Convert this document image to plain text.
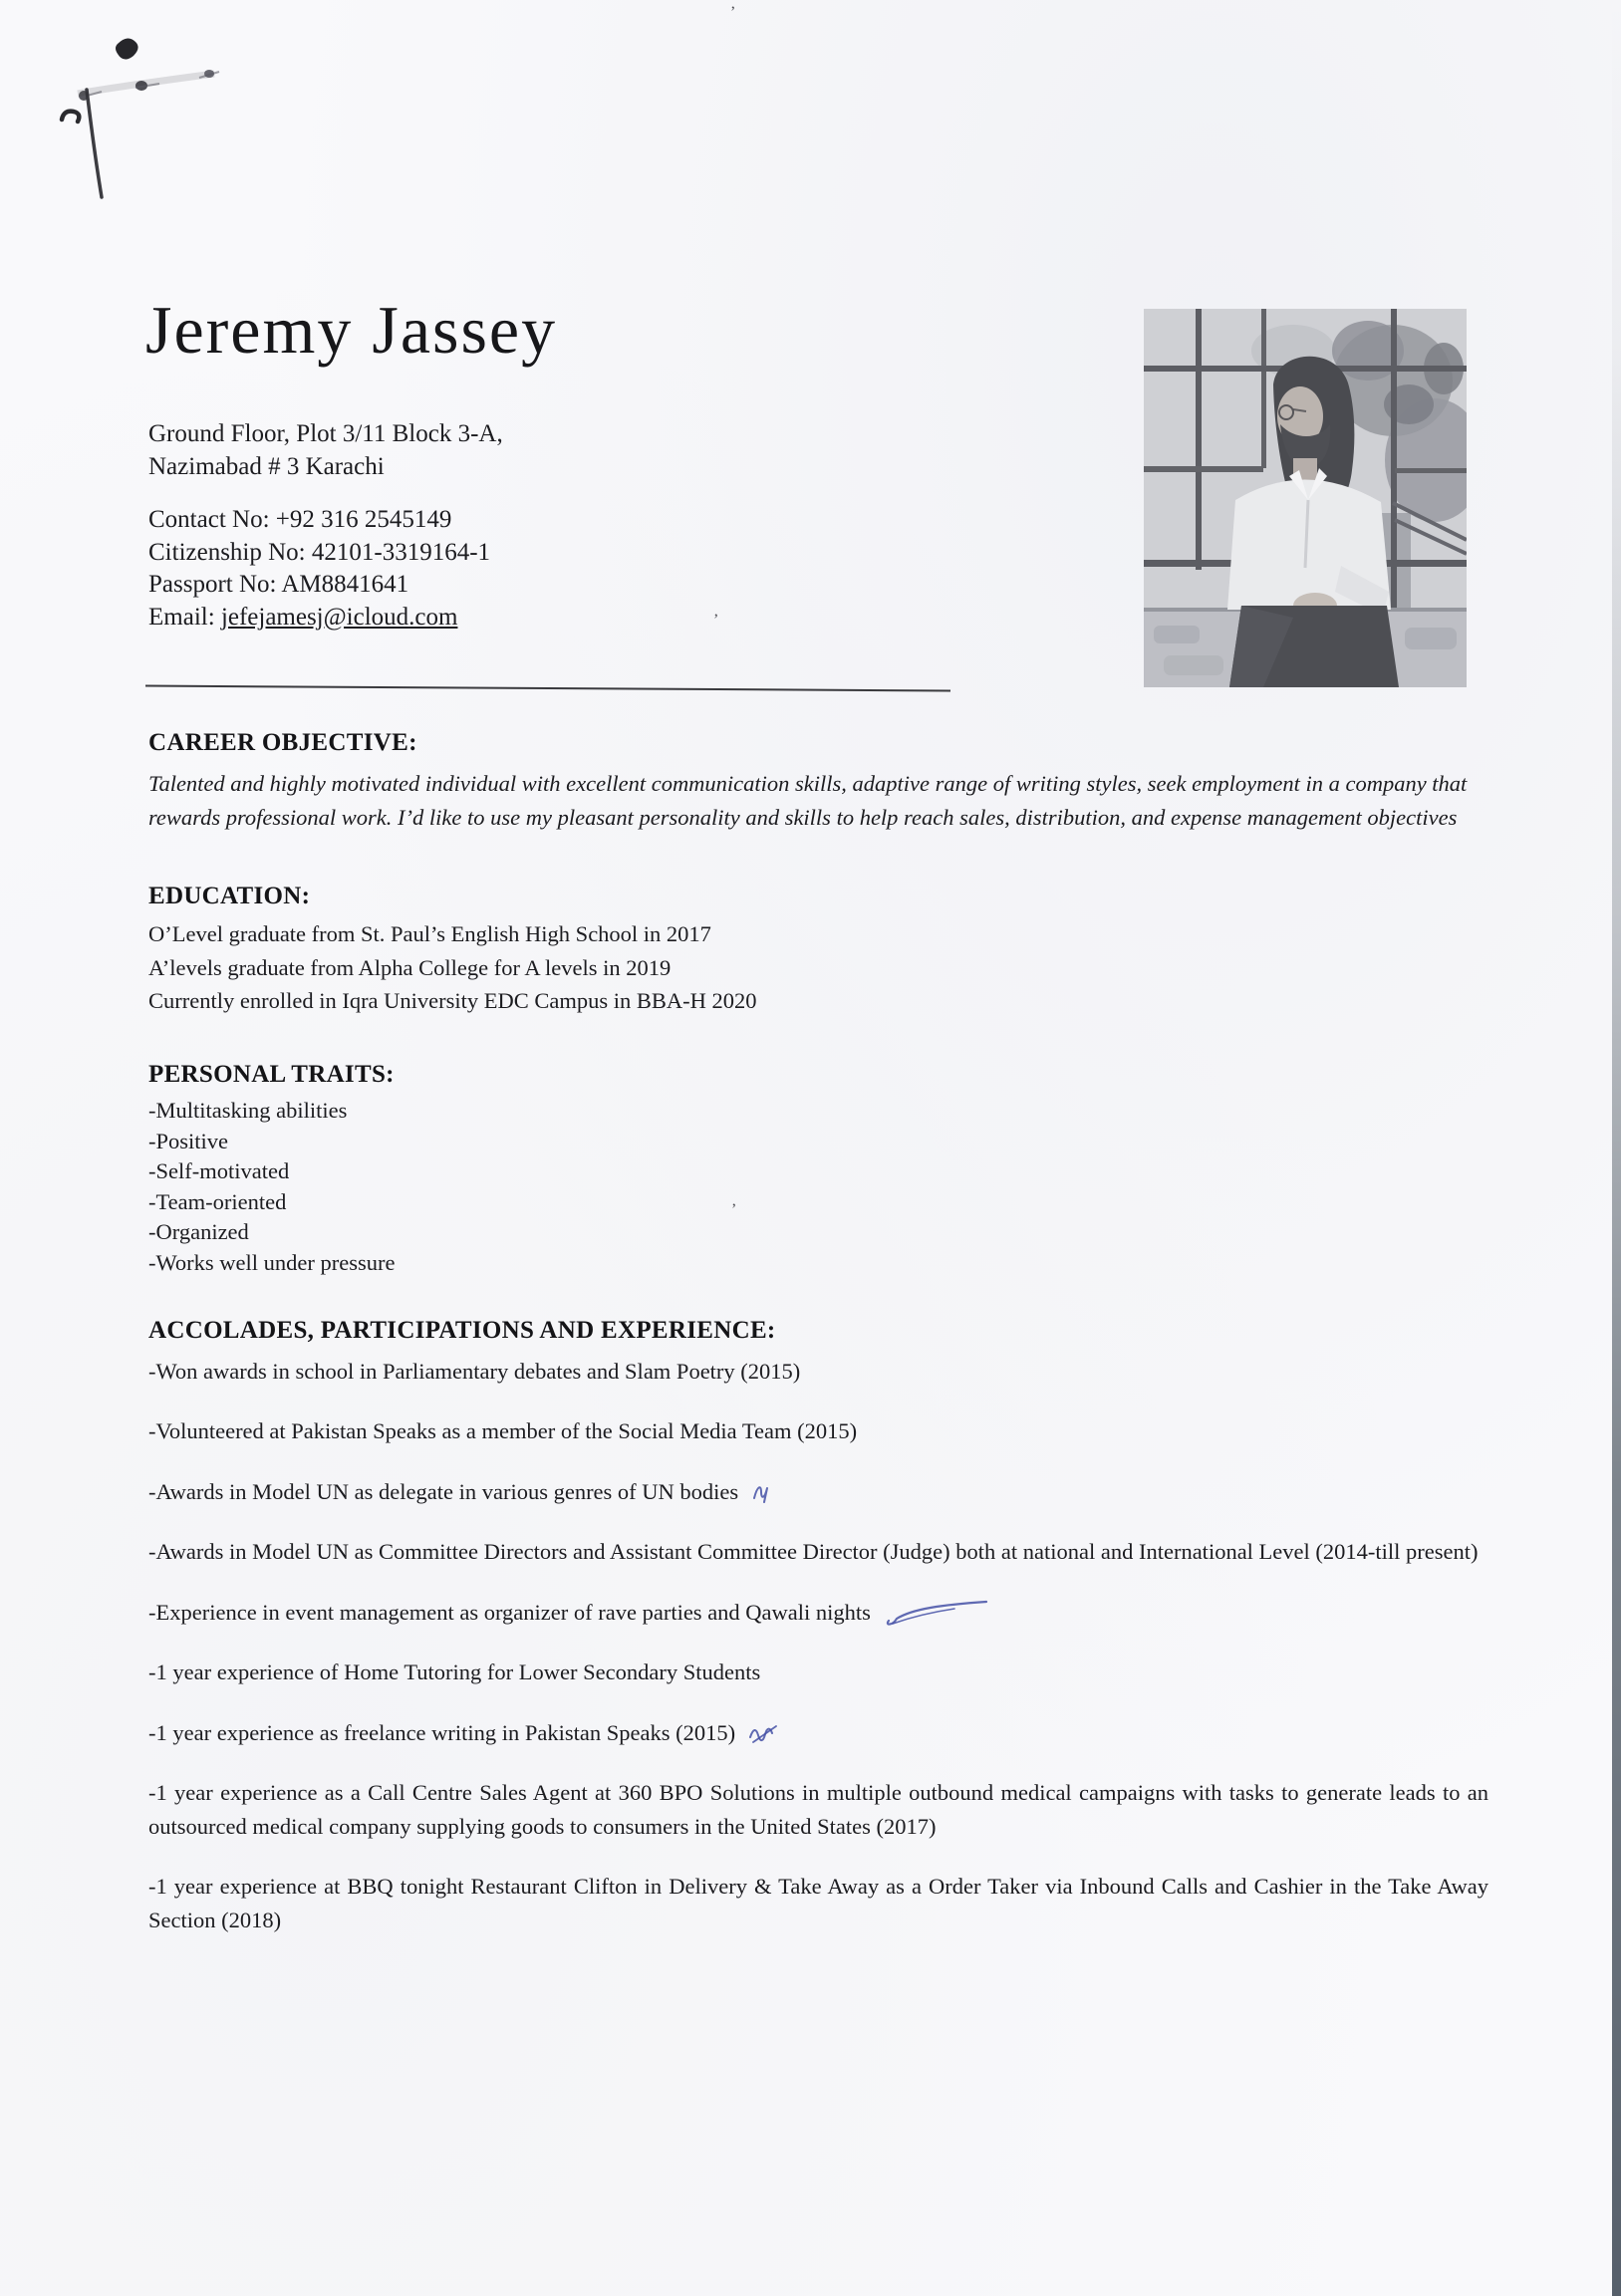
’
’
’
Jeremy Jassey

Ground Floor, Plot 3/11 Block 3-A,

Nazimabad # 3 Karachi

Contact No: +92 316 2545149

Citizenship No: 42101-3319164-1

Passport No: AM8841641

Email: jefejamesj@icloud.com

CAREER OBJECTIVE:

Talented and highly motivated individual with excellent communication skills, adaptive range of writing styles, seek employment in a company that rewards professional work. I’d like to use my pleasant personality and skills to help reach sales, distribution, and expense management objectives

EDUCATION:

O’Level graduate from St. Paul’s English High School in 2017

A’levels graduate from Alpha College for A levels in 2019

Currently enrolled in Iqra University EDC Campus in BBA-H 2020

PERSONAL TRAITS:

-Multitasking abilities

-Positive

-Self-motivated

-Team-oriented

-Organized

-Works well under pressure

ACCOLADES, PARTICIPATIONS AND EXPERIENCE:

-Won awards in school in Parliamentary debates and Slam Poetry (2015)

-Volunteered at Pakistan Speaks as a member of the Social Media Team (2015)

-Awards in Model UN as delegate in various genres of UN bodies

-Awards in Model UN as Committee Directors and Assistant Committee Director (Judge) both at national and International Level (2014-till present)

-Experience in event management as organizer of rave parties and Qawali nights

-1 year experience of Home Tutoring for Lower Secondary Students

-1 year experience as freelance writing in Pakistan Speaks (2015)

-1 year experience as a Call Centre Sales Agent at 360 BPO Solutions in multiple outbound medical campaigns with tasks to generate leads to an outsourced medical company supplying goods to consumers in the United States (2017)

-1 year experience at BBQ tonight Restaurant Clifton in Delivery & Take Away as a Order Taker via Inbound Calls and Cashier in the Take Away Section (2018)
